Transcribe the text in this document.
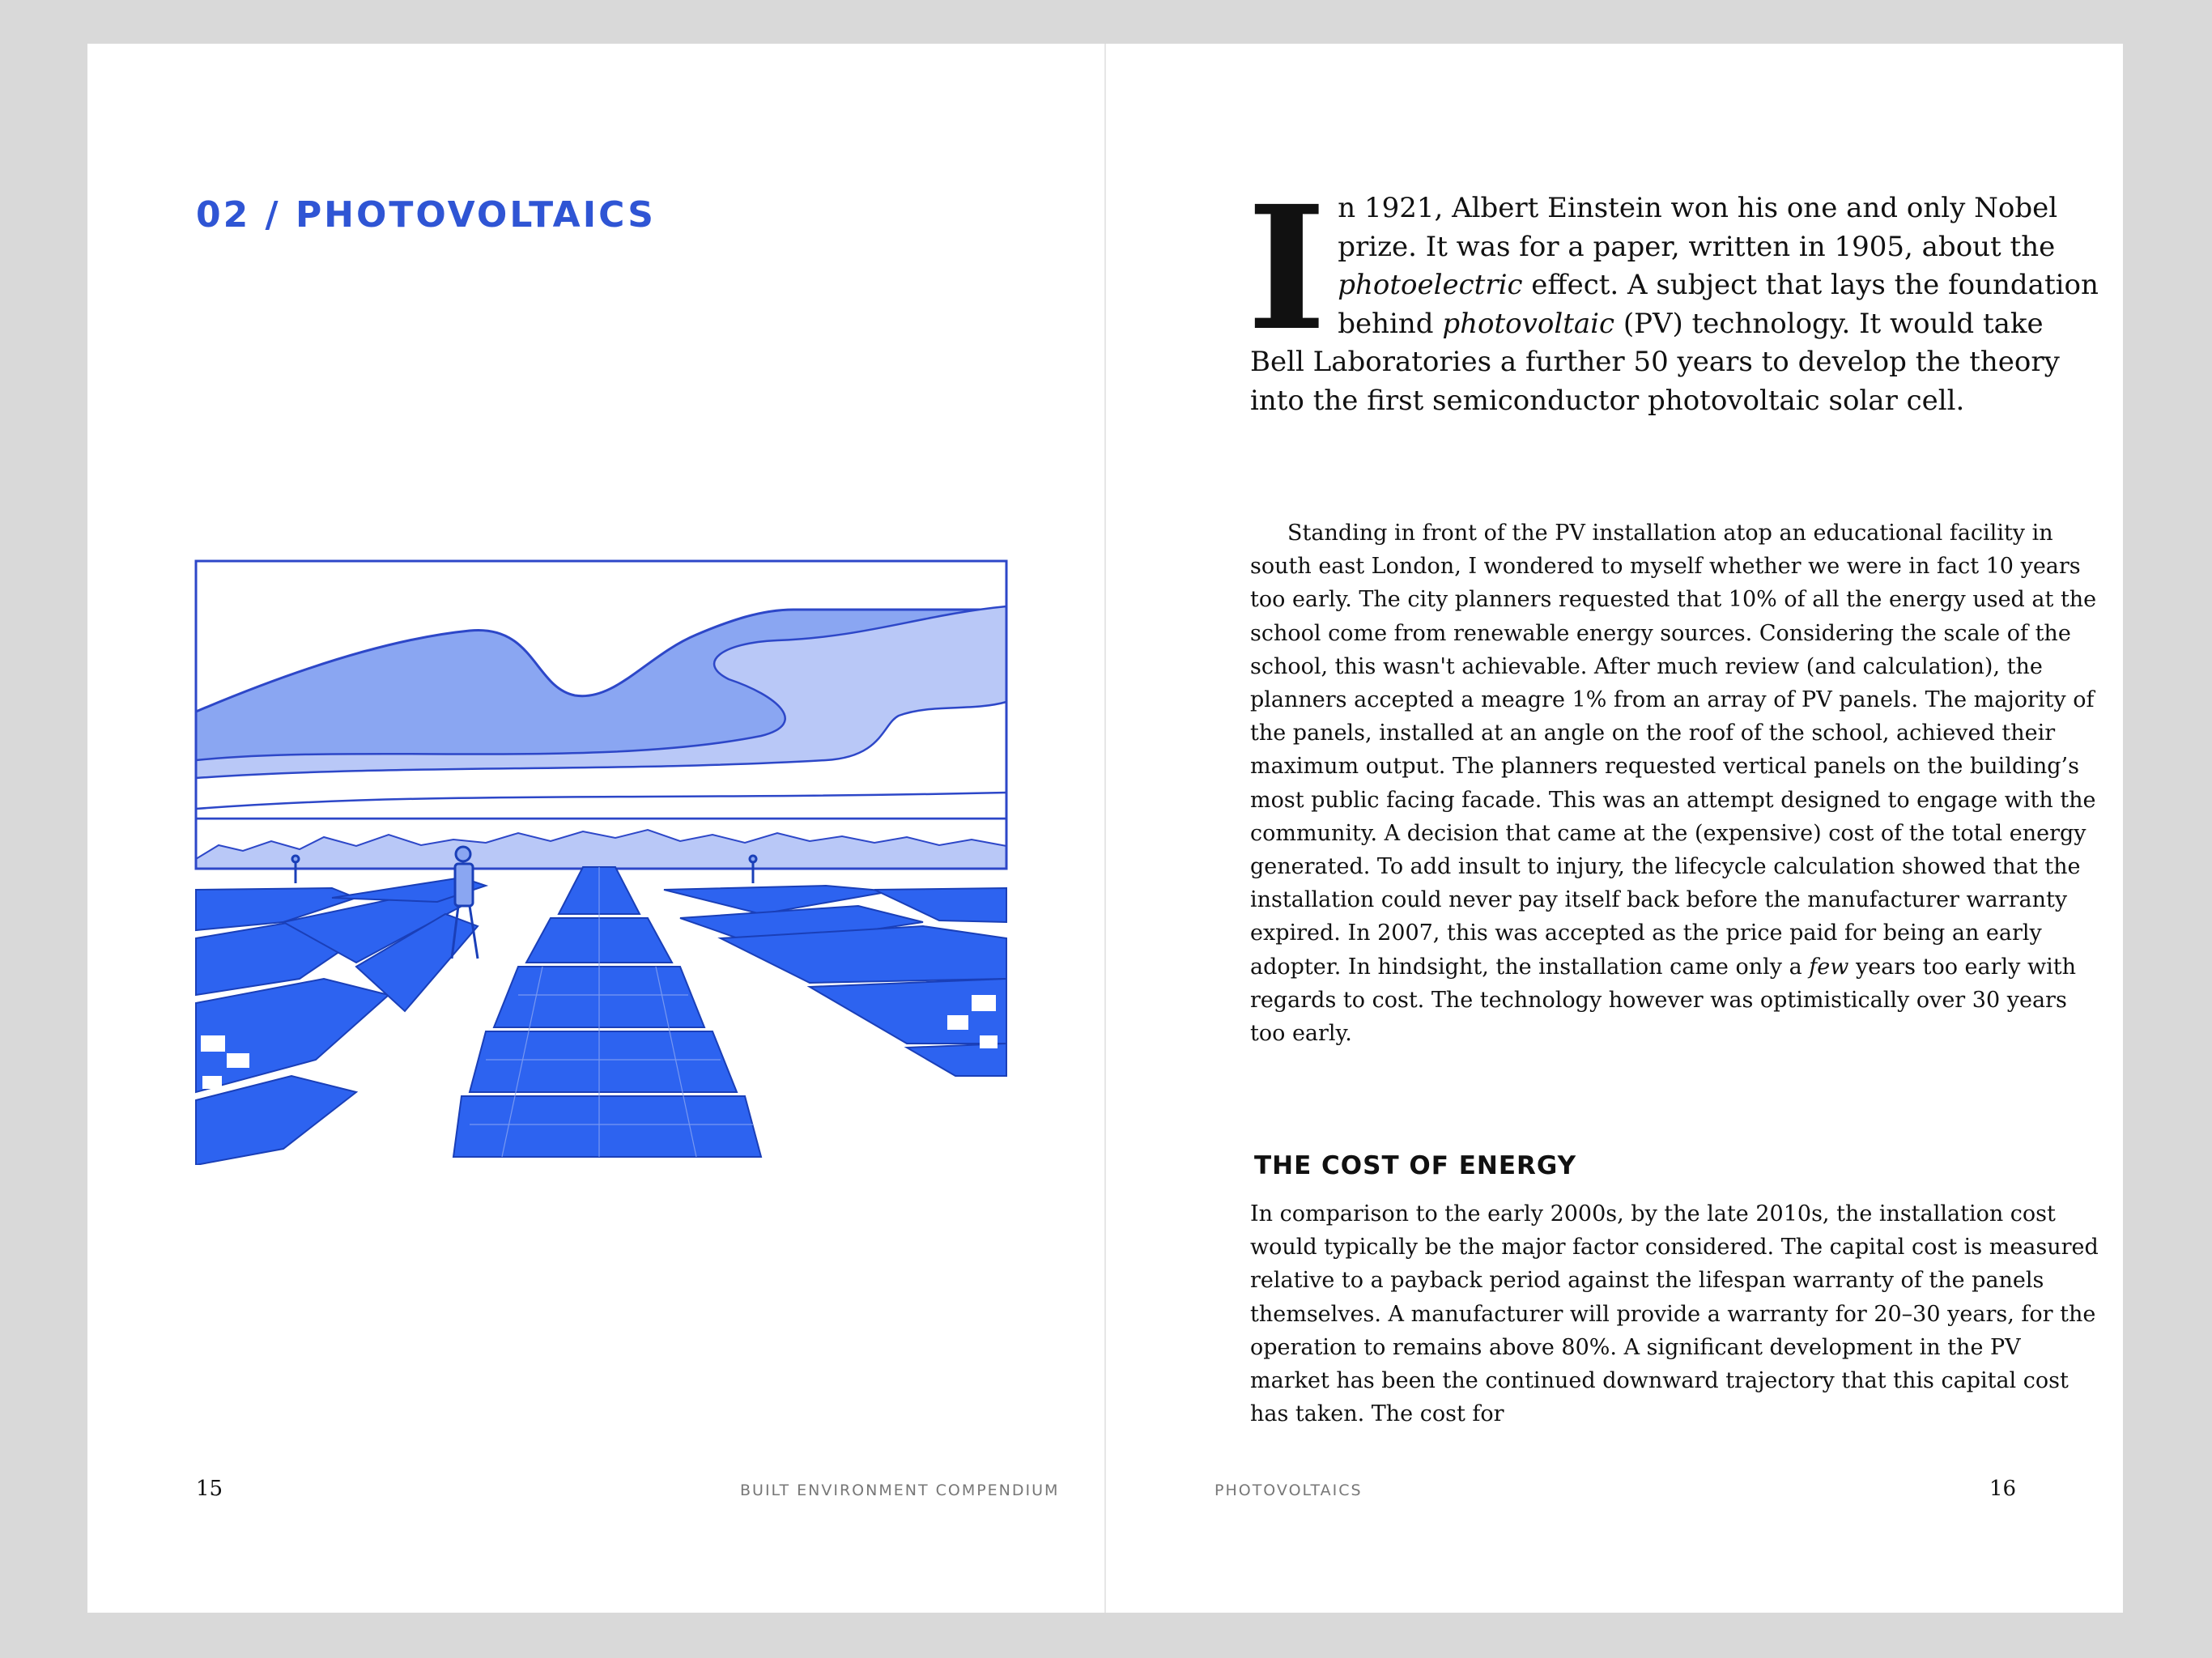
02 / PHOTOVOLTAICS
15	BUILT ENVIRONMENT COMPENDIUM

In 1921, Albert Einstein won his one and only Nobel prize. It was for a paper, written in 1905, about the photoelectric effect. A subject that lays the foundation behind photovoltaic (PV) technology. It would take Bell Laboratories a further 50 years to develop the theory into the first semiconductor photovoltaic solar cell.

Standing in front of the PV installation atop an educational facility in south east London, I wondered to myself whether we were in fact 10 years too early. The city planners requested that 10% of all the energy used at the school come from renewable energy sources. Considering the scale of the school, this wasn't achievable. After much review (and calculation), the planners accepted a meagre 1% from an array of PV panels. The majority of the panels, installed at an angle on the roof of the school, achieved their maximum output. The planners requested vertical panels on the building’s most public facing facade. This was an attempt designed to engage with the community. A decision that came at the (expensive) cost of the total energy generated. To add insult to injury, the lifecycle calculation showed that the installation could never pay itself back before the manufacturer warranty expired. In 2007, this was accepted as the price paid for being an early adopter. In hindsight, the installation came only a few years too early with regards to cost. The technology however was optimistically over 30 years too early.

THE COST OF ENERGY

In comparison to the early 2000s, by the late 2010s, the installation cost would typically be the major factor considered. The capital cost is measured relative to a payback period against the lifespan warranty of the panels themselves. A manufacturer will provide a warranty for 20–30 years, for the operation to remains above 80%. A significant development in the PV market has been the continued downward trajectory that this capital cost has taken. The cost for

PHOTOVOLTAICS	16
